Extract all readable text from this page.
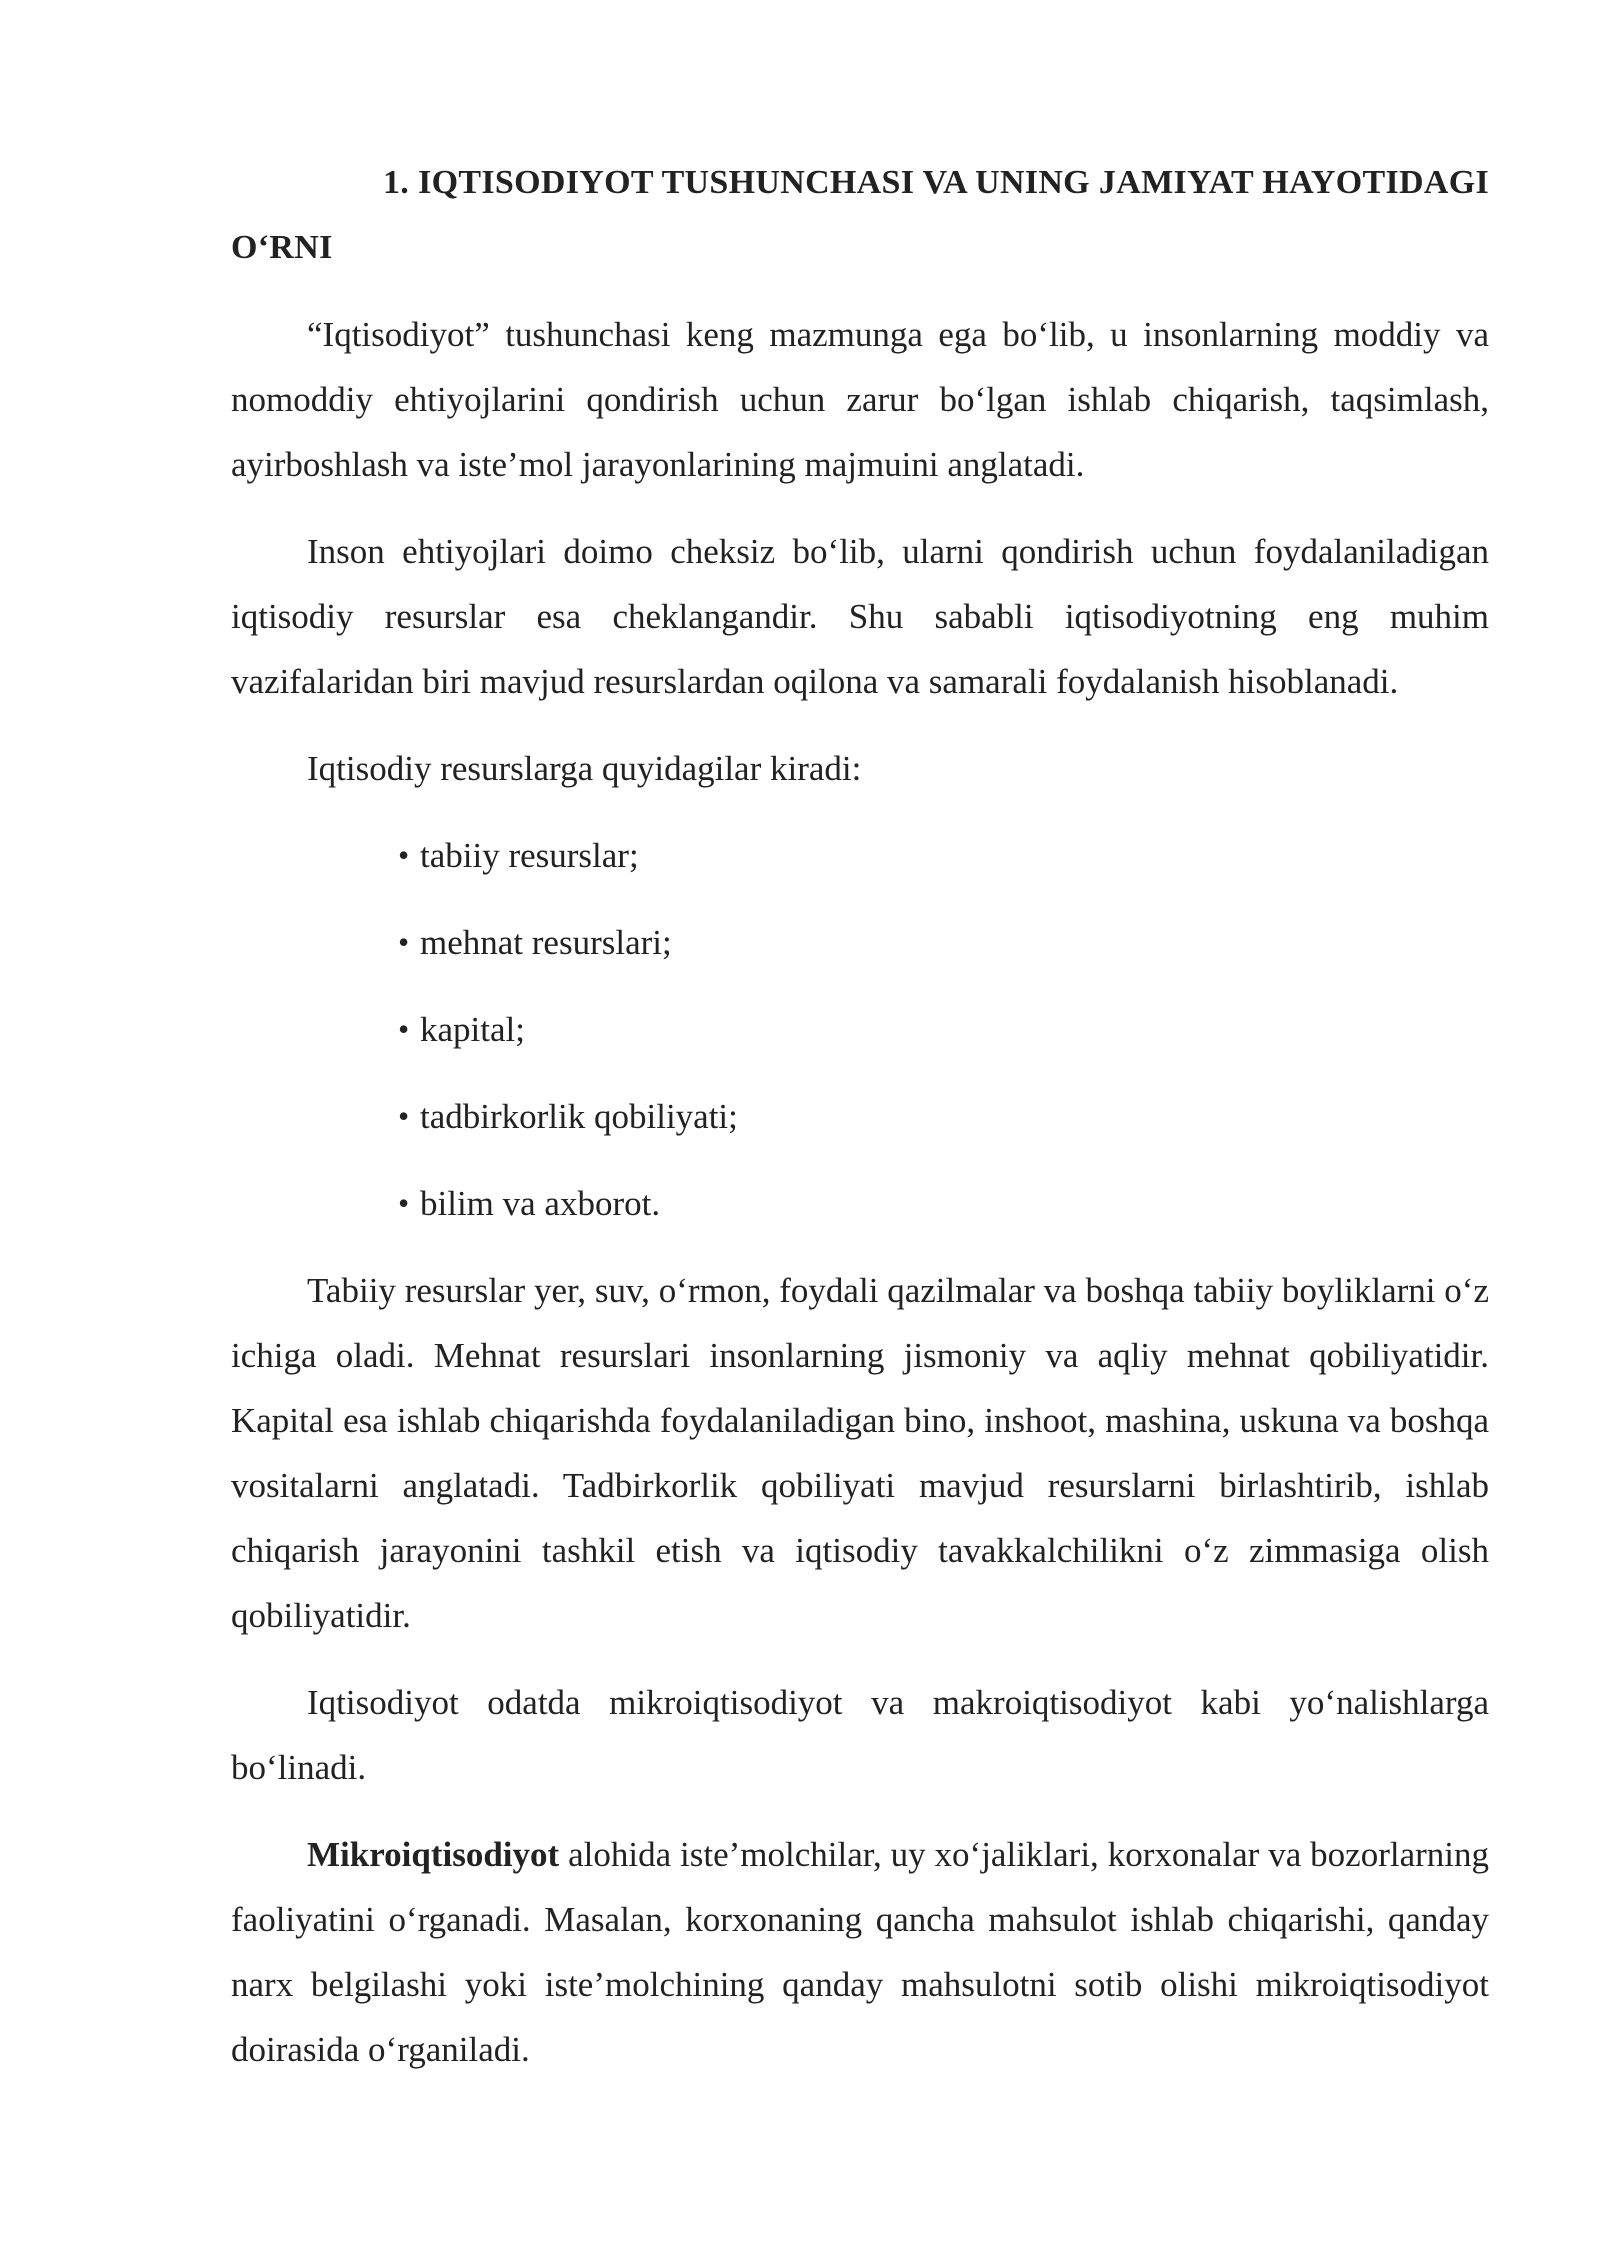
1. IQTISODIYOT TUSHUNCHASI VA UNING JAMIYAT HAYOTIDAGI O‘RNI

“Iqtisodiyot” tushunchasi keng mazmunga ega bo‘lib, u insonlarning moddiy va nomoddiy ehtiyojlarini qondirish uchun zarur bo‘lgan ishlab chiqarish, taqsimlash, ayirboshlash va iste’mol jarayonlarining majmuini anglatadi.

Inson ehtiyojlari doimo cheksiz bo‘lib, ularni qondirish uchun foydalaniladigan iqtisodiy resurslar esa cheklangandir. Shu sababli iqtisodiyotning eng muhim vazifalaridan biri mavjud resurslardan oqilona va samarali foydalanish hisoblanadi.

Iqtisodiy resurslarga quyidagilar kiradi:

• tabiiy resurslar;
• mehnat resurslari;
• kapital;
• tadbirkorlik qobiliyati;
• bilim va axborot.

Tabiiy resurslar yer, suv, o‘rmon, foydali qazilmalar va boshqa tabiiy boyliklarni o‘z ichiga oladi. Mehnat resurslari insonlarning jismoniy va aqliy mehnat qobiliyatidir. Kapital esa ishlab chiqarishda foydalaniladigan bino, inshoot, mashina, uskuna va boshqa vositalarni anglatadi. Tadbirkorlik qobiliyati mavjud resurslarni birlashtirib, ishlab chiqarish jarayonini tashkil etish va iqtisodiy tavakkalchilikni o‘z zimmasiga olish qobiliyatidir.

Iqtisodiyot odatda mikroiqtisodiyot va makroiqtisodiyot kabi yo‘nalishlarga bo‘linadi.

Mikroiqtisodiyot alohida iste’molchilar, uy xo‘jaliklari, korxonalar va bozorlarning faoliyatini o‘rganadi. Masalan, korxonaning qancha mahsulot ishlab chiqarishi, qanday narx belgilashi yoki iste’molchining qanday mahsulotni sotib olishi mikroiqtisodiyot doirasida o‘rganiladi.
